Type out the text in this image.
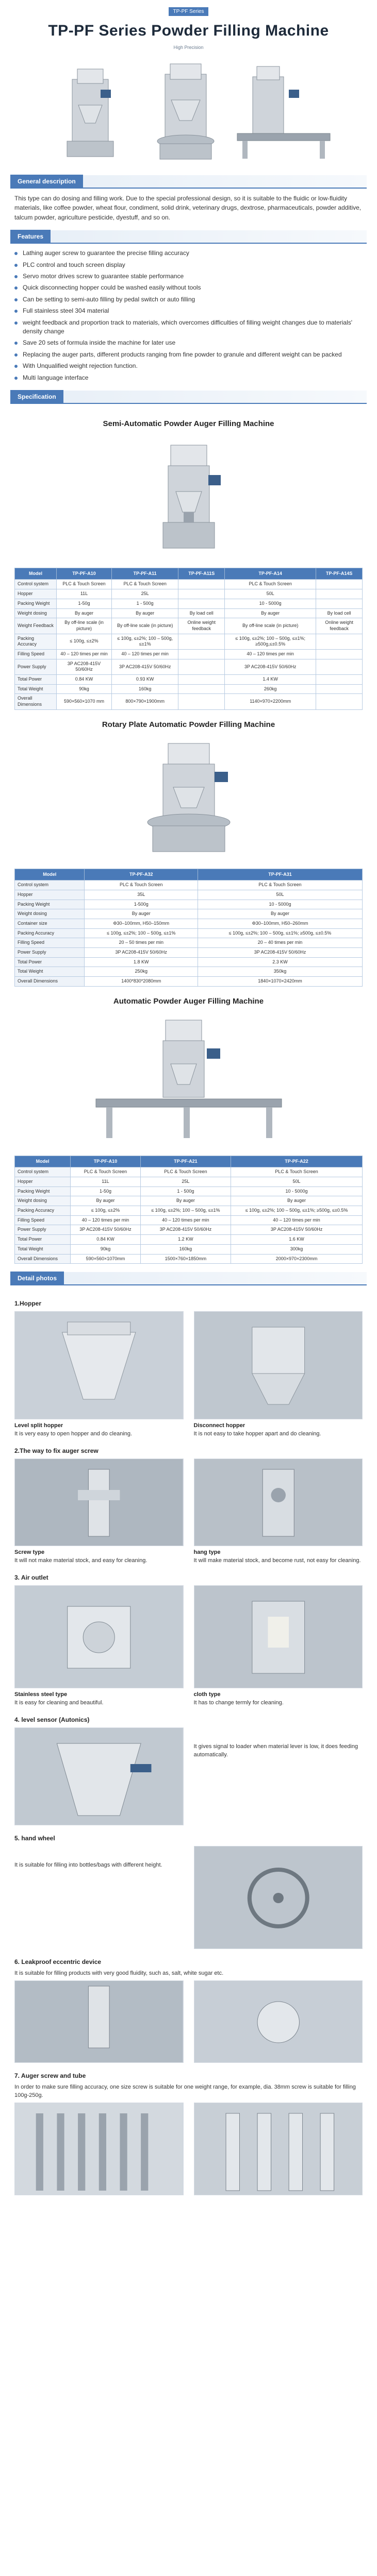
TP-PF Series
TP-PF Series Powder Filling Machine
High Precision
General description

This type can do dosing and filling work. Due to the special professional design, so it is suitable to the fluidic or low-fluidity materials, like coffee powder, wheat flour, condiment, solid drink, veterinary drugs, dextrose, pharmaceuticals, powder additive, talcum powder, agriculture pesticide, dyestuff, and so on.

Features
Lathing auger screw to guarantee the precise filling accuracy
PLC control and touch screen display
Servo motor drives screw to guarantee stable performance
Quick disconnecting hopper could be washed easily without tools
Can be setting to semi-auto filling by pedal switch or auto filling
Full stainless steel 304 material
weight feedback and proportion track to materials, which overcomes difficulties of filling weight changes due to materials' density change
Save 20 sets of formula inside the machine for later use
Replacing the auger parts, different products ranging from fine powder to granule and different weight can be packed
With Unqualified weight rejection function.
Multi language interface
Specification
Semi-Automatic Powder Auger Filling Machine
Model	TP-PF-A10	TP-PF-A11	TP-PF-A11S	TP-PF-A14	TP-PF-A14S
Control system	PLC & Touch Screen	PLC & Touch Screen		PLC & Touch Screen	
Hopper	11L	25L		50L	
Packing Weight	1-50g	1 - 500g		10 - 5000g	
Weight dosing	By auger	By auger	By load cell	By auger	By load cell
Weight Feedback	By off-line scale (in picture)	By off-line scale (in picture)	Online weight feedback	By off-line scale (in picture)	Online weight feedback
Packing Accuracy	≤ 100g, ≤±2%	≤ 100g, ≤±2%; 100 – 500g, ≤±1%		≤ 100g, ≤±2%; 100 – 500g, ≤±1%; ≥500g,≤±0.5%	
Filling Speed	40 – 120 times per min	40 – 120 times per min		40 – 120 times per min	
Power Supply	3P AC208-415V 50/60Hz	3P AC208-415V 50/60Hz		3P AC208-415V 50/60Hz	
Total Power	0.84 KW	0.93 KW		1.4 KW	
Total Weight	90kg	160kg		260kg	
Overall Dimensions	590×560×1070 mm	800×790×1900mm		1140×970×2200mm	
Rotary Plate Automatic Powder Filling Machine
Model	TP-PF-A32	TP-PF-A31
Control system	PLC & Touch Screen	PLC & Touch Screen
Hopper	35L	50L
Packing Weight	1-500g	10 - 5000g
Weight dosing	By auger	By auger
Container size	Φ30–100mm, H50–150mm	Φ30–100mm, H50–260mm
Packing Accuracy	≤ 100g, ≤±2%; 100 – 500g, ≤±1%	≤ 100g, ≤±2%; 100 – 500g, ≤±1%; ≥500g, ≤±0.5%
Filling Speed	20 – 50 times per min	20 – 40 times per min
Power Supply	3P AC208-415V 50/60Hz	3P AC208-415V 50/60Hz
Total Power	1.8 KW	2.3 KW
Total Weight	250kg	350kg
Overall Dimensions	1400*830*2080mm	1840×1070×2420mm
Automatic Powder Auger Filling Machine
Model	TP-PF-A10	TP-PF-A21	TP-PF-A22
Control system	PLC & Touch Screen	PLC & Touch Screen	PLC & Touch Screen
Hopper	11L	25L	50L
Packing Weight	1-50g	1 - 500g	10 - 5000g
Weight dosing	By auger	By auger	By auger
Packing Accuracy	≤ 100g, ≤±2%	≤ 100g, ≤±2%; 100 – 500g, ≤±1%	≤ 100g, ≤±2%; 100 – 500g, ≤±1%; ≥500g, ≤±0.5%
Filling Speed	40 – 120 times per min	40 – 120 times per min	40 – 120 times per min
Power Supply	3P AC208-415V 50/60Hz	3P AC208-415V 50/60Hz	3P AC208-415V 50/60Hz
Total Power	0.84 KW	1.2 KW	1.6 KW
Total Weight	90kg	160kg	300kg
Overall Dimensions	590×560×1070mm	1500×760×1850mm	2000×970×2300mm
Detail photos
1.Hopper
Level split hopper
It is very easy to open hopper and do cleaning.
Disconnect hopper
It is not easy to take hopper apart and do cleaning.
2.The way to fix auger screw
Screw type
It will not make material stock, and easy for cleaning.
hang type
It will make material stock, and become rust, not easy for cleaning.
3. Air outlet
Stainless steel type
It is easy for cleaning and beautiful.
cloth type
It has to change termly for cleaning.
4. level sensor (Autonics)
It gives signal to loader when material lever is low, it does feeding automatically.
5. hand wheel
It is suitable for filling into bottles/bags with different height.
6. Leakproof eccentric device
It is suitable for filling products with very good fluidity, such as, salt, white sugar etc.
7. Auger screw and tube
In order to make sure filling accuracy, one size screw is suitable for one weight range, for example, dia. 38mm screw is suitable for filling 100g-250g.
